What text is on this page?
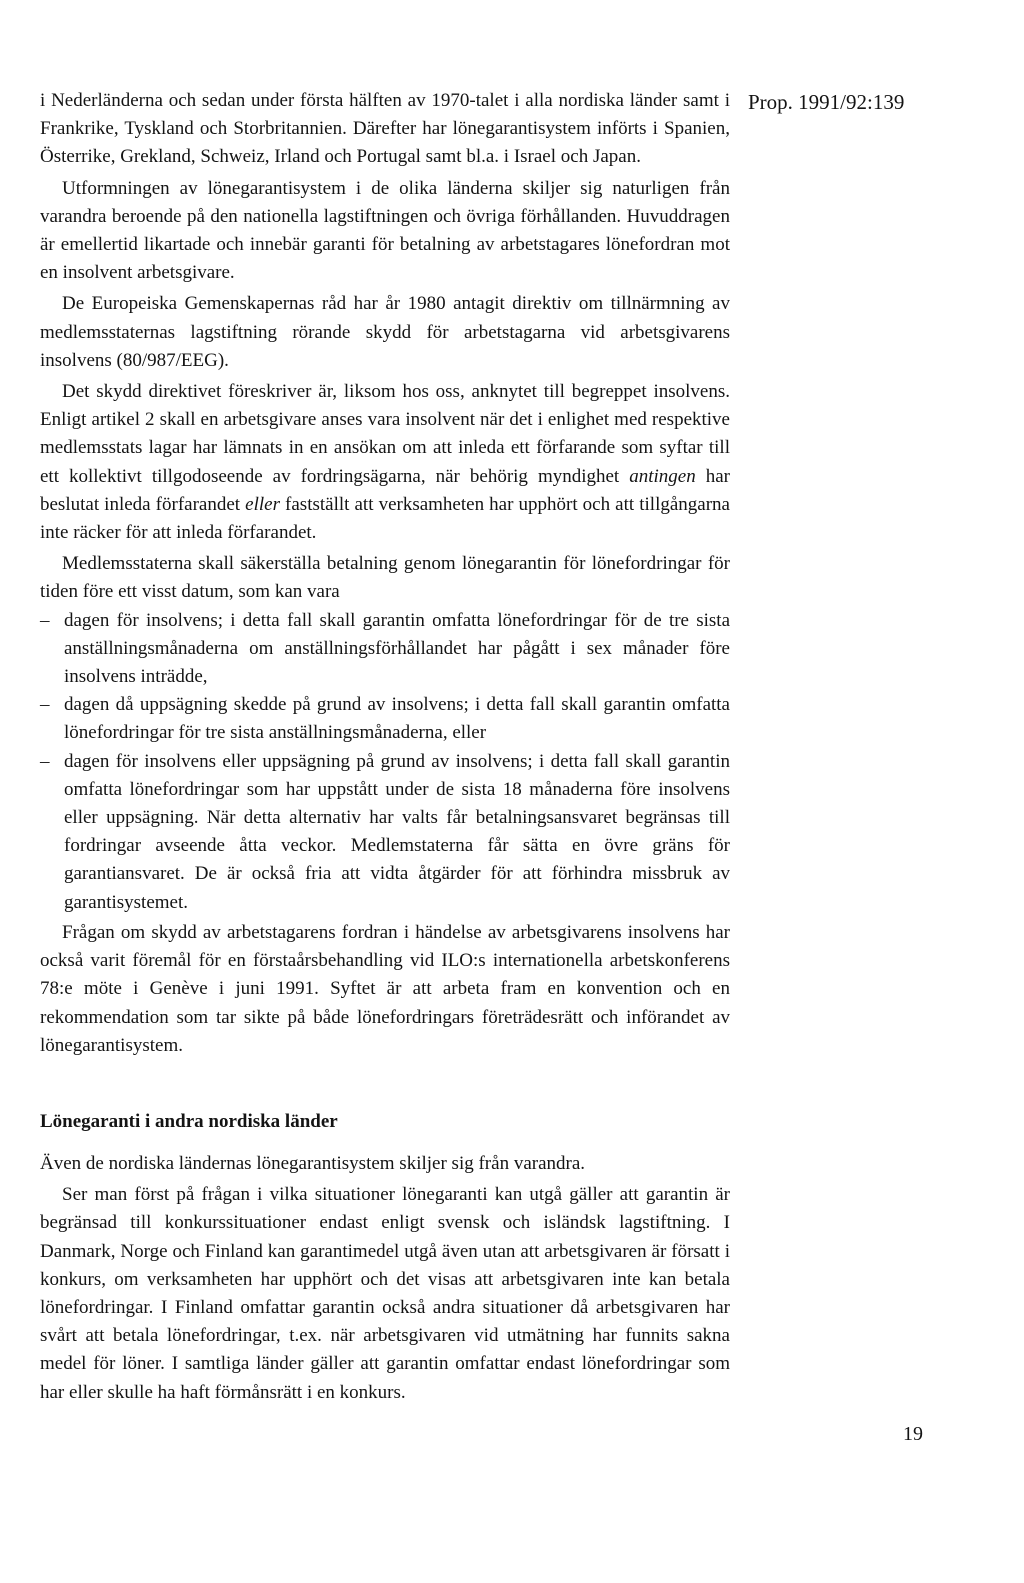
Prop. 1991/92:139

i Nederländerna och sedan under första hälften av 1970-talet i alla nordiska länder samt i Frankrike, Tyskland och Storbritannien. Därefter har lönegarantisystem införts i Spanien, Österrike, Grekland, Schweiz, Irland och Portugal samt bl.a. i Israel och Japan.

Utformningen av lönegarantisystem i de olika länderna skiljer sig naturligen från varandra beroende på den nationella lagstiftningen och övriga förhållanden. Huvuddragen är emellertid likartade och innebär garanti för betalning av arbetstagares lönefordran mot en insolvent arbetsgivare.

De Europeiska Gemenskapernas råd har år 1980 antagit direktiv om tillnärmning av medlemsstaternas lagstiftning rörande skydd för arbetstagarna vid arbetsgivarens insolvens (80/987/EEG).

Det skydd direktivet föreskriver är, liksom hos oss, anknytet till begreppet insolvens. Enligt artikel 2 skall en arbetsgivare anses vara insolvent när det i enlighet med respektive medlemsstats lagar har lämnats in en ansökan om att inleda ett förfarande som syftar till ett kollektivt tillgodoseende av fordringsägarna, när behörig myndighet antingen har beslutat inleda förfarandet eller fastställt att verksamheten har upphört och att tillgångarna inte räcker för att inleda förfarandet.

Medlemsstaterna skall säkerställa betalning genom lönegarantin för lönefordringar för tiden före ett visst datum, som kan vara

– dagen för insolvens; i detta fall skall garantin omfatta lönefordringar för de tre sista anställningsmånaderna om anställningsförhållandet har pågått i sex månader före insolvens inträdde,
– dagen då uppsägning skedde på grund av insolvens; i detta fall skall garantin omfatta lönefordringar för tre sista anställningsmånaderna, eller
– dagen för insolvens eller uppsägning på grund av insolvens; i detta fall skall garantin omfatta lönefordringar som har uppstått under de sista 18 månaderna före insolvens eller uppsägning. När detta alternativ har valts får betalningsansvaret begränsas till fordringar avseende åtta veckor. Medlemstaterna får sätta en övre gräns för garantiansvaret. De är också fria att vidta åtgärder för att förhindra missbruk av garantisystemet.

Frågan om skydd av arbetstagarens fordran i händelse av arbetsgivarens insolvens har också varit föremål för en förstaårsbehandling vid ILO:s internationella arbetskonferens 78:e möte i Genève i juni 1991. Syftet är att arbeta fram en konvention och en rekommendation som tar sikte på både lönefordringars företrädesrätt och införandet av lönegarantisystem.

Lönegaranti i andra nordiska länder

Även de nordiska ländernas lönegarantisystem skiljer sig från varandra.

Ser man först på frågan i vilka situationer lönegaranti kan utgå gäller att garantin är begränsad till konkurssituationer endast enligt svensk och isländsk lagstiftning. I Danmark, Norge och Finland kan garantimedel utgå även utan att arbetsgivaren är försatt i konkurs, om verksamheten har upphört och det visas att arbetsgivaren inte kan betala lönefordringar. I Finland omfattar garantin också andra situationer då arbetsgivaren har svårt att betala lönefordringar, t.ex. när arbetsgivaren vid utmätning har funnits sakna medel för löner. I samtliga länder gäller att garantin omfattar endast lönefordringar som har eller skulle ha haft förmånsrätt i en konkurs.

19
